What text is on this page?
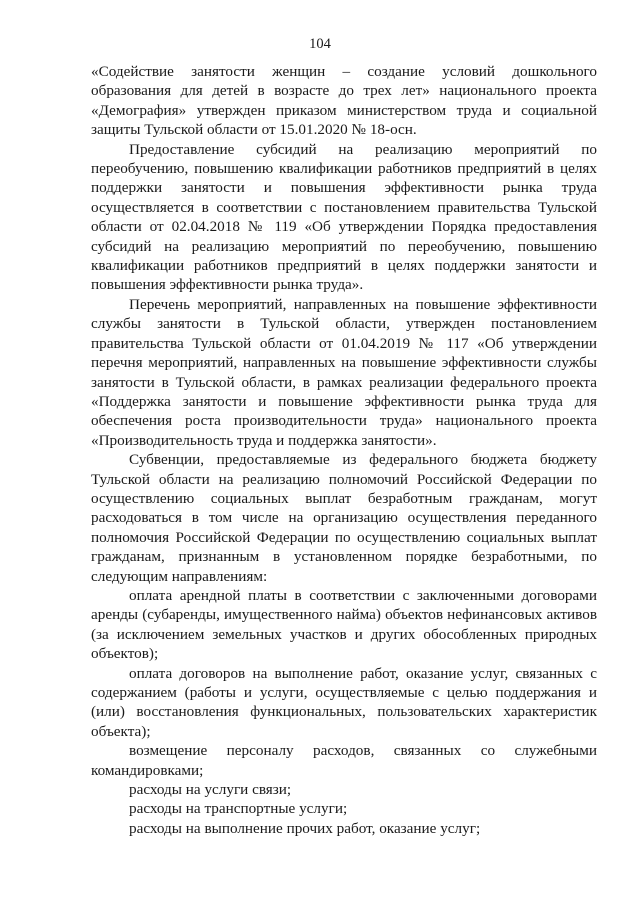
104

«Содействие занятости женщин – создание условий дошкольного образования для детей в возрасте до трех лет» национального проекта «Демография» утвержден приказом министерством труда и социальной защиты Тульской области от 15.01.2020 № 18-осн.

Предоставление субсидий на реализацию мероприятий по переобучению, повышению квалификации работников предприятий в целях поддержки занятости и повышения эффективности рынка труда осуществляется в соответствии с постановлением правительства Тульской области от 02.04.2018 № 119 «Об утверждении Порядка предоставления субсидий на реализацию мероприятий по переобучению, повышению квалификации работников предприятий в целях поддержки занятости и повышения эффективности рынка труда».

Перечень мероприятий, направленных на повышение эффективности службы занятости в Тульской области, утвержден постановлением правительства Тульской области от 01.04.2019 № 117 «Об утверждении перечня мероприятий, направленных на повышение эффективности службы занятости в Тульской области, в рамках реализации федерального проекта «Поддержка занятости и повышение эффективности рынка труда для обеспечения роста производительности труда» национального проекта «Производительность труда и поддержка занятости».

Субвенции, предоставляемые из федерального бюджета бюджету Тульской области на реализацию полномочий Российской Федерации по осуществлению социальных выплат безработным гражданам, могут расходоваться в том числе на организацию осуществления переданного полномочия Российской Федерации по осуществлению социальных выплат гражданам, признанным в установленном порядке безработными, по следующим направлениям:

оплата арендной платы в соответствии с заключенными договорами аренды (субаренды, имущественного найма) объектов нефинансовых активов (за исключением земельных участков и других обособленных природных объектов);

оплата договоров на выполнение работ, оказание услуг, связанных с содержанием (работы и услуги, осуществляемые с целью поддержания и (или) восстановления функциональных, пользовательских характеристик объекта);

возмещение персоналу расходов, связанных со служебными командировками;

расходы на услуги связи;

расходы на транспортные услуги;

расходы на выполнение прочих работ, оказание услуг;
